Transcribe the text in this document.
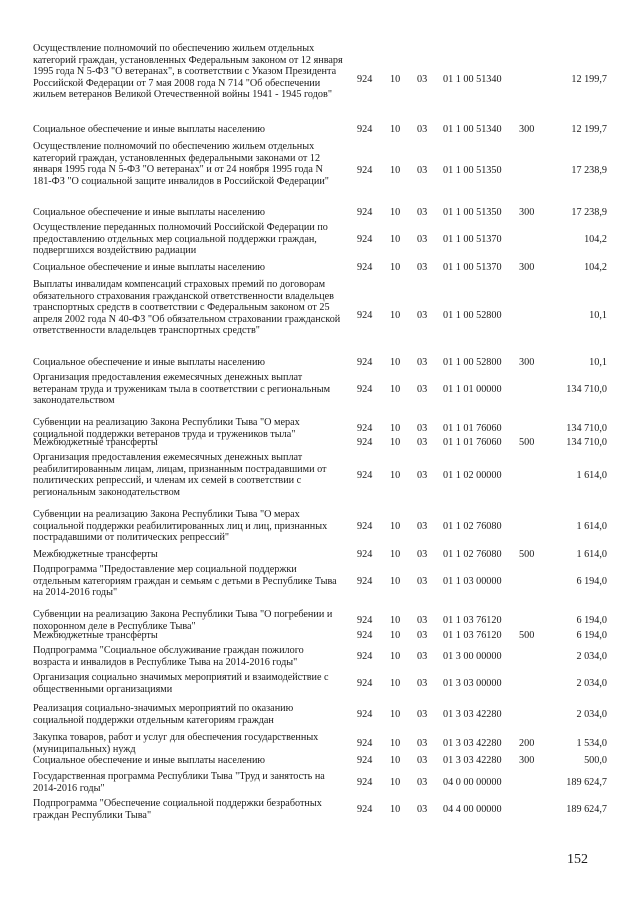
Осуществление полномочий по обеспечению жильем отдельных категорий граждан, установленных Федеральным законом от 12 января 1995 года N 5-ФЗ "О ветеранах", в соответствии с Указом Президента Российской Федерации от 7 мая 2008 года N 714 "Об обеспечении жильем ветеранов Великой Отечественной войны 1941 - 1945 годов"
924 10 03 01 1 00 51340	12 199,7
Социальное обеспечение и иные выплаты населению	924 10 03 01 1 00 51340 300	12 199,7
Осуществление полномочий по обеспечению жильем отдельных категорий граждан, установленных федеральными законами от 12 января 1995 года N 5-ФЗ "О ветеранах" и от 24 ноября 1995 года N 181-ФЗ "О социальной защите инвалидов в Российской Федерации"
924 10 03 01 1 00 51350	17 238,9
Социальное обеспечение и иные выплаты населению	924 10 03 01 1 00 51350 300	17 238,9
Осуществление переданных полномочий Российской Федерации по предоставлению отдельных мер социальной поддержки граждан, подвергшихся воздействию радиации
924 10 03 01 1 00 51370	104,2
Социальное обеспечение и иные выплаты населению	924 10 03 01 1 00 51370 300	104,2
Выплаты инвалидам компенсаций страховых премий по договорам обязательного страхования гражданской ответственности владельцев транспортных средств в соответствии с Федеральным законом от 25 апреля 2002 года N 40-ФЗ "Об обязательном страховании гражданской ответственности владельцев транспортных средств"
924 10 03 01 1 00 52800	10,1
Социальное обеспечение и иные выплаты населению	924 10 03 01 1 00 52800 300	10,1
Организация предоставления ежемесячных денежных выплат ветеранам труда и труженикам тыла в соответствии с региональным законодательством
924 10 03 01 1 01 00000	134 710,0
Субвенции на реализацию Закона Республики Тыва "О мерах социальной поддержки ветеранов труда и тружеников тыла"
924 10 03 01 1 01 76060	134 710,0
Межбюджетные трансферты	924 10 03 01 1 01 76060 500	134 710,0
Организация предоставления ежемесячных денежных выплат реабилитированным лицам, лицам, признанным пострадавшими от политических репрессий, и членам их семей в соответствии с региональным законодательством
924 10 03 01 1 02 00000	1 614,0
Субвенции на реализацию Закона Республики Тыва "О мерах социальной поддержки реабилитированных лиц и лиц, признанных пострадавшими от политических репрессий"
924 10 03 01 1 02 76080	1 614,0
Межбюджетные трансферты	924 10 03 01 1 02 76080 500	1 614,0
Подпрограмма "Предоставление мер социальной поддержки отдельным категориям граждан и семьям с детьми в Республике Тыва на 2014-2016 годы"
924 10 03 01 1 03 00000	6 194,0
Субвенции на реализацию Закона Республики Тыва "О погребении и похоронном деле в Республике Тыва"
924 10 03 01 1 03 76120	6 194,0
Межбюджетные трансферты	924 10 03 01 1 03 76120 500	6 194,0
Подпрограмма "Социальное обслуживание граждан пожилого возраста и инвалидов в Республике Тыва на 2014-2016 годы"
924 10 03 01 3 00 00000	2 034,0
Организация социально значимых мероприятий и взаимодействие с общественными организациями
924 10 03 01 3 03 00000	2 034,0
Реализация социально-значимых мероприятий по оказанию социальной поддержки отдельным категориям граждан
924 10 03 01 3 03 42280	2 034,0
Закупка товаров, работ и услуг для обеспечения государственных (муниципальных) нужд
924 10 03 01 3 03 42280 200	1 534,0
Социальное обеспечение и иные выплаты населению	924 10 03 01 3 03 42280 300	500,0
Государственная программа Республики Тыва "Труд и занятость на 2014-2016 годы"
924 10 03 04 0 00 00000	189 624,7
Подпрограмма "Обеспечение социальной поддержки безработных граждан Республики Тыва"
924 10 03 04 4 00 00000	189 624,7
152
